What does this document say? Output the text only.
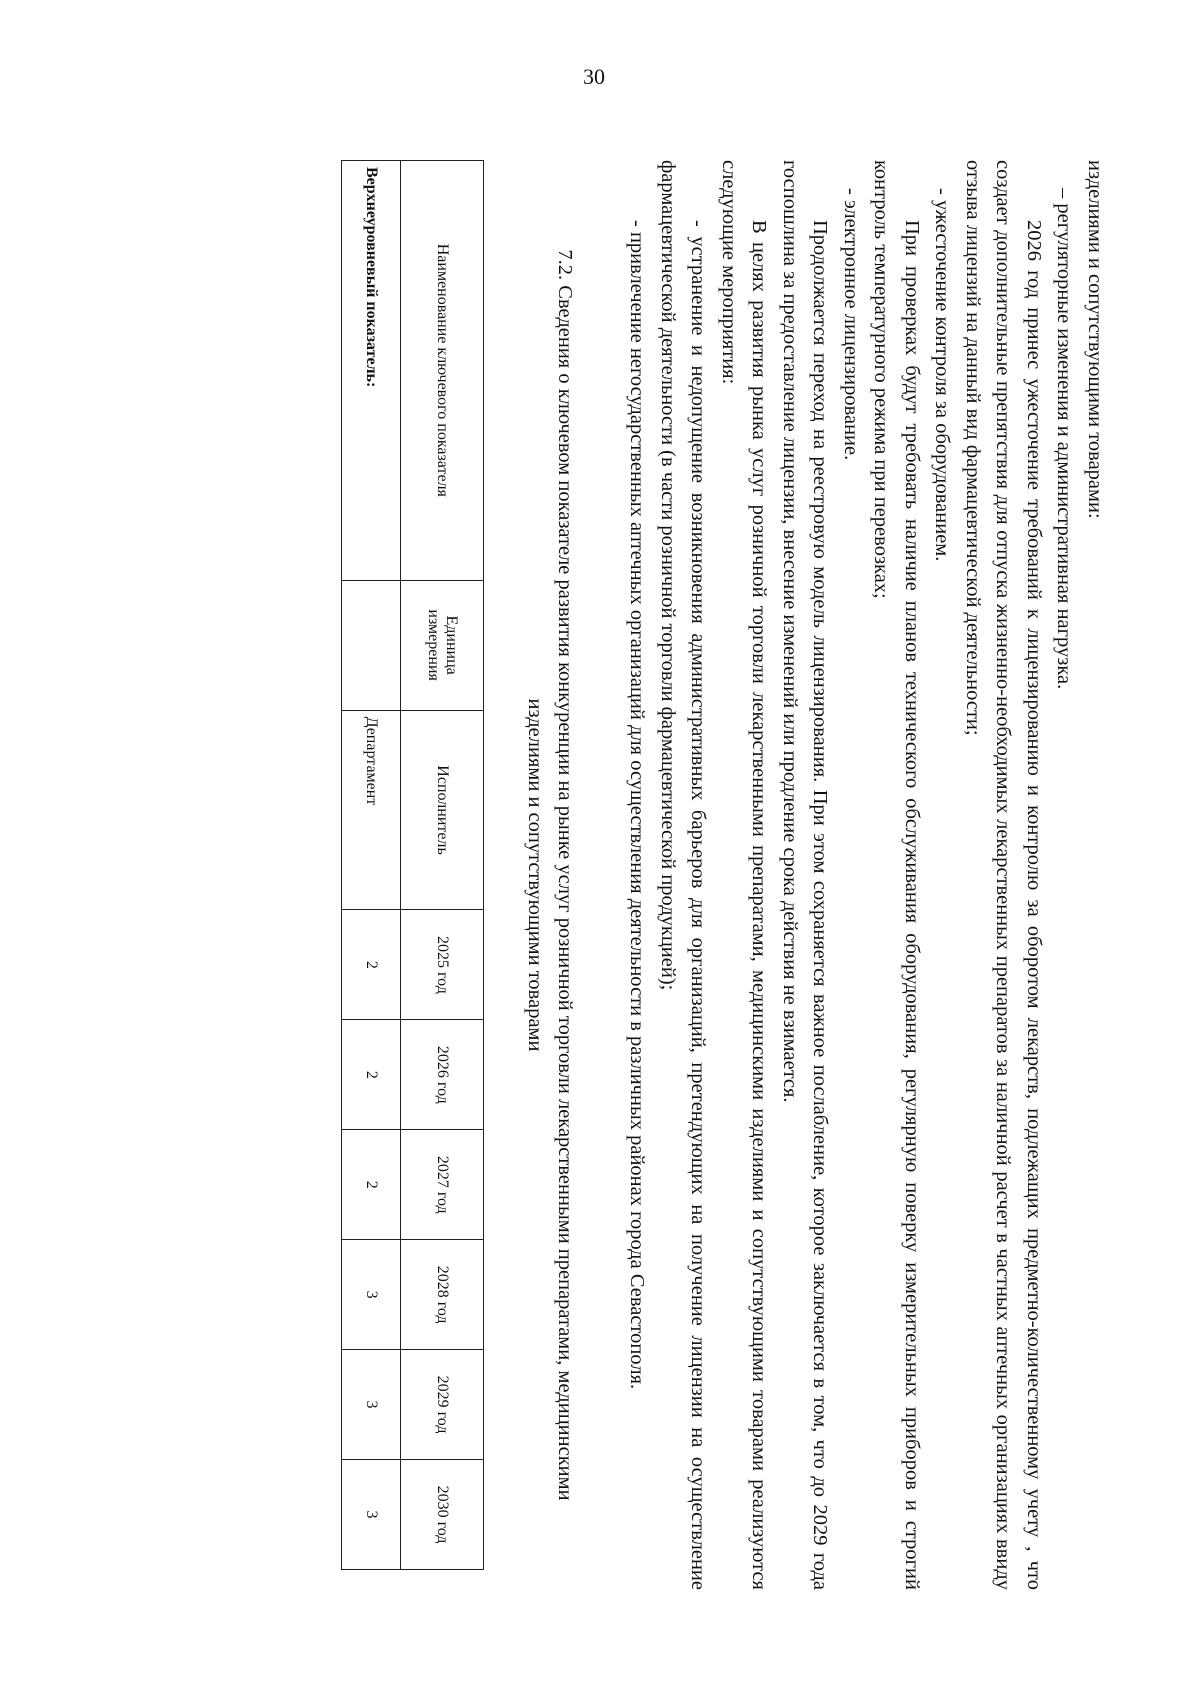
30

изделиями и сопутствующими товарами:

– регуляторные изменения и административная нагрузка.

2026 год принес ужесточение требований к лицензированию и контролю за оборотом лекарств, подлежащих предметно-количественному учету , что создает дополнительные препятствия для отпуска жизненно-необходимых лекарственных препаратов за наличной расчет в частных аптечных организациях ввиду отзыва лицензий на данный вид фармацевтической деятельности;

- ужесточение контроля за оборудованием.

При проверках будут требовать наличие планов технического обслуживания оборудования, регулярную поверку измерительных приборов и строгий контроль температурного режима при перевозках;

- электронное лицензирование.

Продолжается переход на реестровую модель лицензирования. При этом сохраняется важное послабление, которое заключается в том, что до 2029 года госпошлина за предоставление лицензии, внесение изменений или продление срока действия не взимается.

В целях развития рынка услуг розничной торговли лекарственными препаратами, медицинскими изделиями и сопутствующими товарами реализуются следующие мероприятия:

- устранение и недопущение возникновения административных барьеров для организаций, претендующих на получение лицензии на осуществление фармацевтической деятельности (в части розничной торговли фармацевтической продукцией);

- привлечение негосударственных аптечных организаций для осуществления деятельности в различных районах города Севастополя.

7.2. Сведения о ключевом показателе развития конкуренции на рынке услуг розничной торговли лекарственными препаратами, медицинскими изделиями и сопутствующими товарами
Наименование ключевого показателя	Единица измерения	Исполнитель	2025 год	2026 год	2027 год	2028 год	2029 год	2030 год
Верхнеуровневый показатель:		Департамент	2	2	2	3	3	3
